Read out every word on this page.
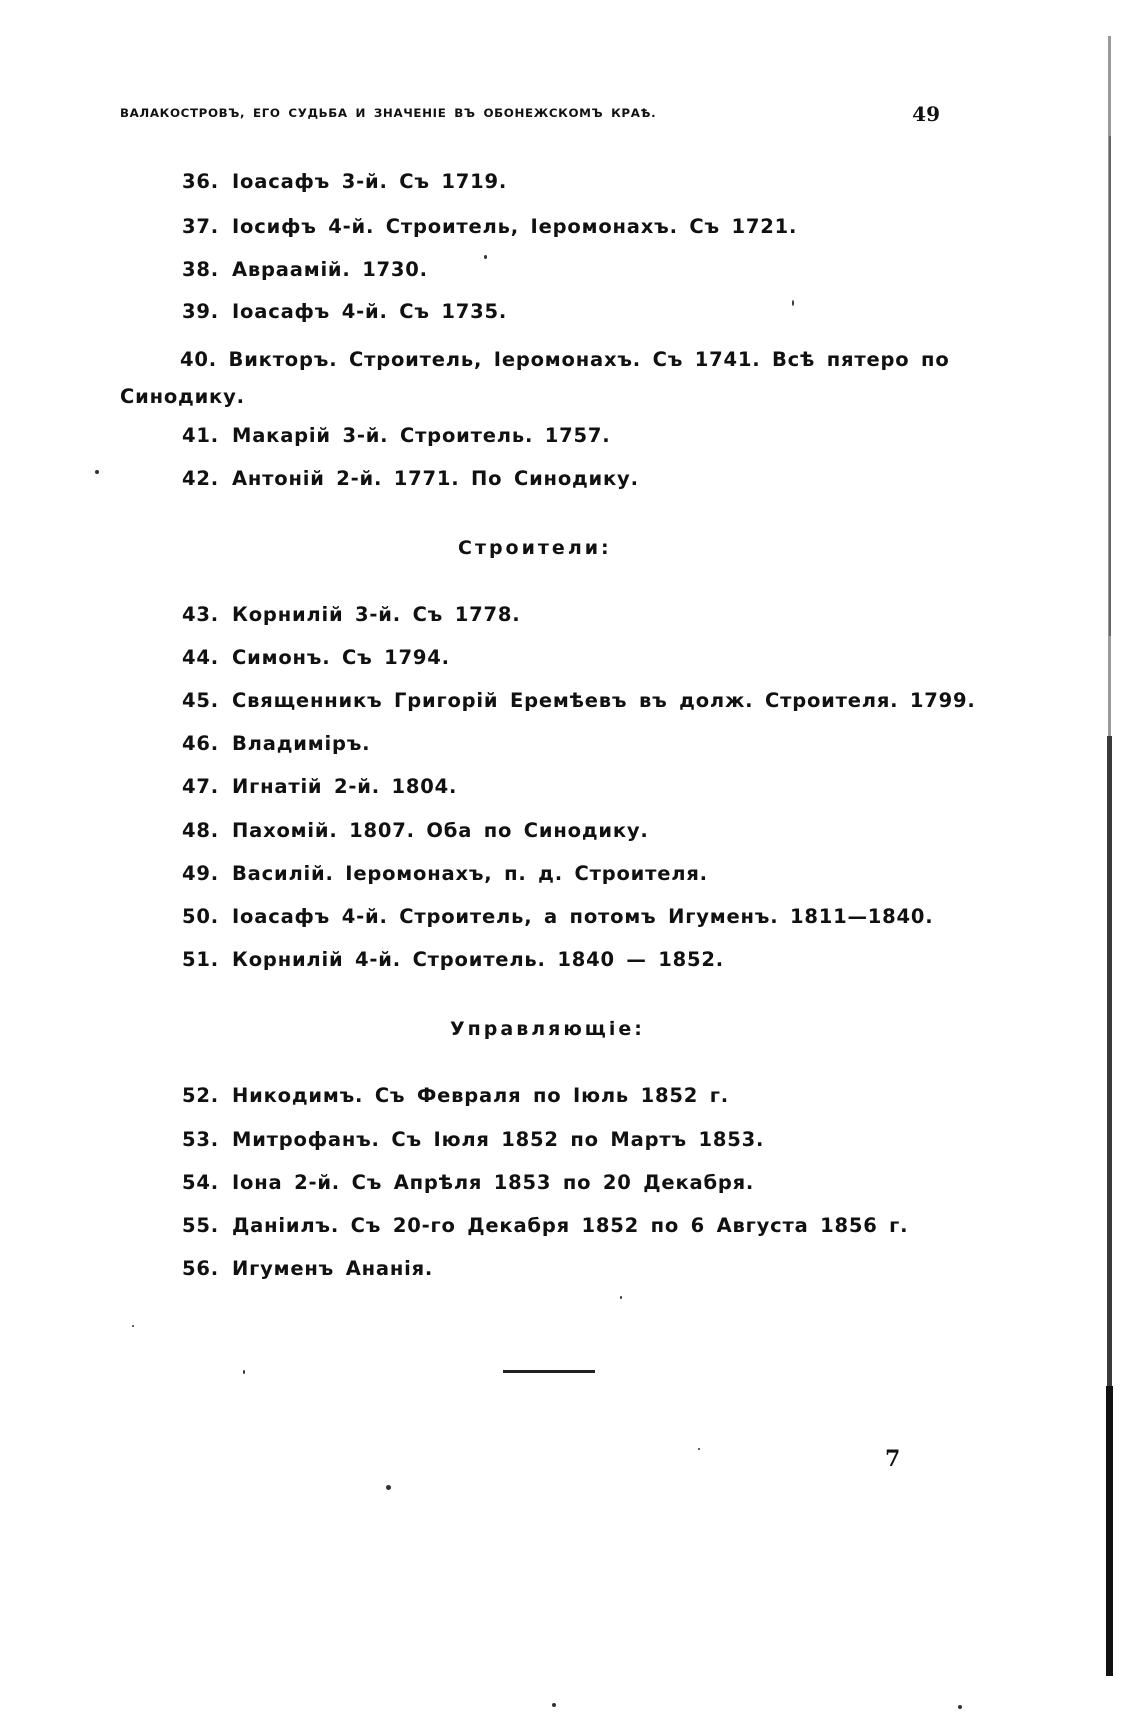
ВАЛАКОСТРОВЪ, ЕГО СУДЬБА И ЗНАЧЕНІЕ ВЪ ОБОНЕЖСКОМЪ КРАѢ.	49
36. Іоасафъ 3-й. Съ 1719.
37. Іосифъ 4-й. Строитель, Іеромонахъ. Съ 1721.
38. Авраамій. 1730.
39. Іоасафъ 4-й. Съ 1735.
40. Викторъ. Строитель, Іеромонахъ. Съ 1741. Всѣ пятеро по
Синодику.
41. Макарій 3-й. Строитель. 1757.
42. Антоній 2-й. 1771. По Синодику.
Строители:
43. Корнилій 3-й. Съ 1778.
44. Симонъ. Съ 1794.
45. Священникъ Григорій Еремѣевъ въ долж. Строителя. 1799.
46. Владиміръ.
47. Игнатій 2-й. 1804.
48. Пахомій. 1807. Оба по Синодику.
49. Василій. Іеромонахъ, п. д. Строителя.
50. Іоасафъ 4-й. Строитель, а потомъ Игуменъ. 1811—1840.
51. Корнилій 4-й. Строитель. 1840 — 1852.
Управляющіе:
52. Никодимъ. Съ Февраля по Іюль 1852 г.
53. Митрофанъ. Съ Іюля 1852 по Мартъ 1853.
54. Іона 2-й. Съ Апрѣля 1853 по 20 Декабря.
55. Даніилъ. Съ 20-го Декабря 1852 по 6 Августа 1856 г.
56. Игуменъ Ананія.
7
